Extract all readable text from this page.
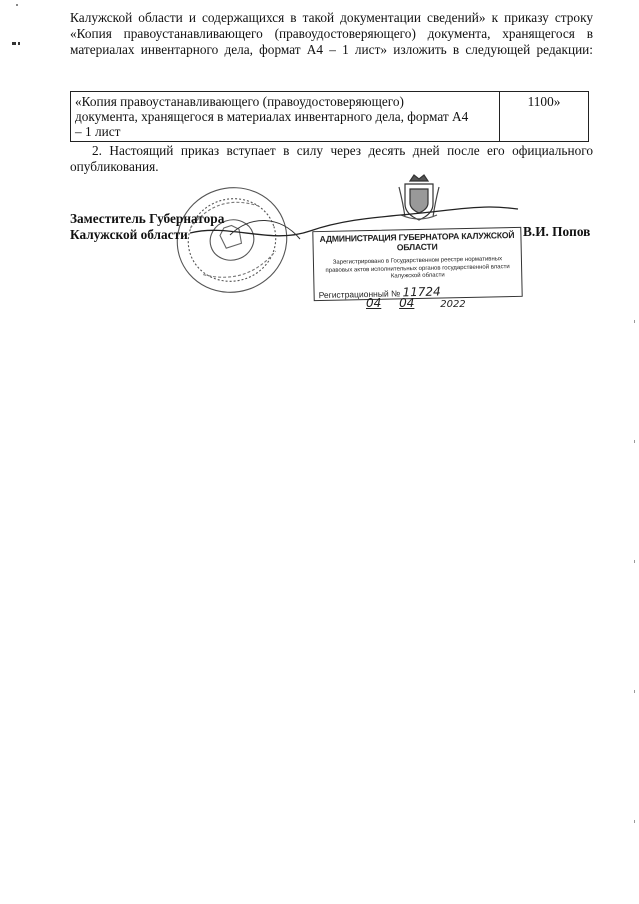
Калужской области и содержащихся в такой документации сведений» к приказу строку
«Копия правоустанавливающего (правоудостоверяющего) документа, хранящегося в
материалах инвентарного дела, формат А4 – 1 лист» изложить в следующей редакции:
«Копия правоустанавливающего (правоудостоверяющего)
документа, хранящегося в материалах инвентарного дела, формат А4
– 1 лист
	1100»
2. Настоящий приказ вступает в силу через десять дней после его официального
опубликования.
Заместитель Губернатора
Калужской области	В.И. Попов
АДМИНИСТРАЦИЯ ГУБЕРНАТОРА КАЛУЖСКОЙ ОБЛАСТИ
Зарегистрировано в Государственном реестре нормативных
правовых актов исполнительных органов государственной власти
Калужской области
Регистрационный № 11724
04 04	2022
